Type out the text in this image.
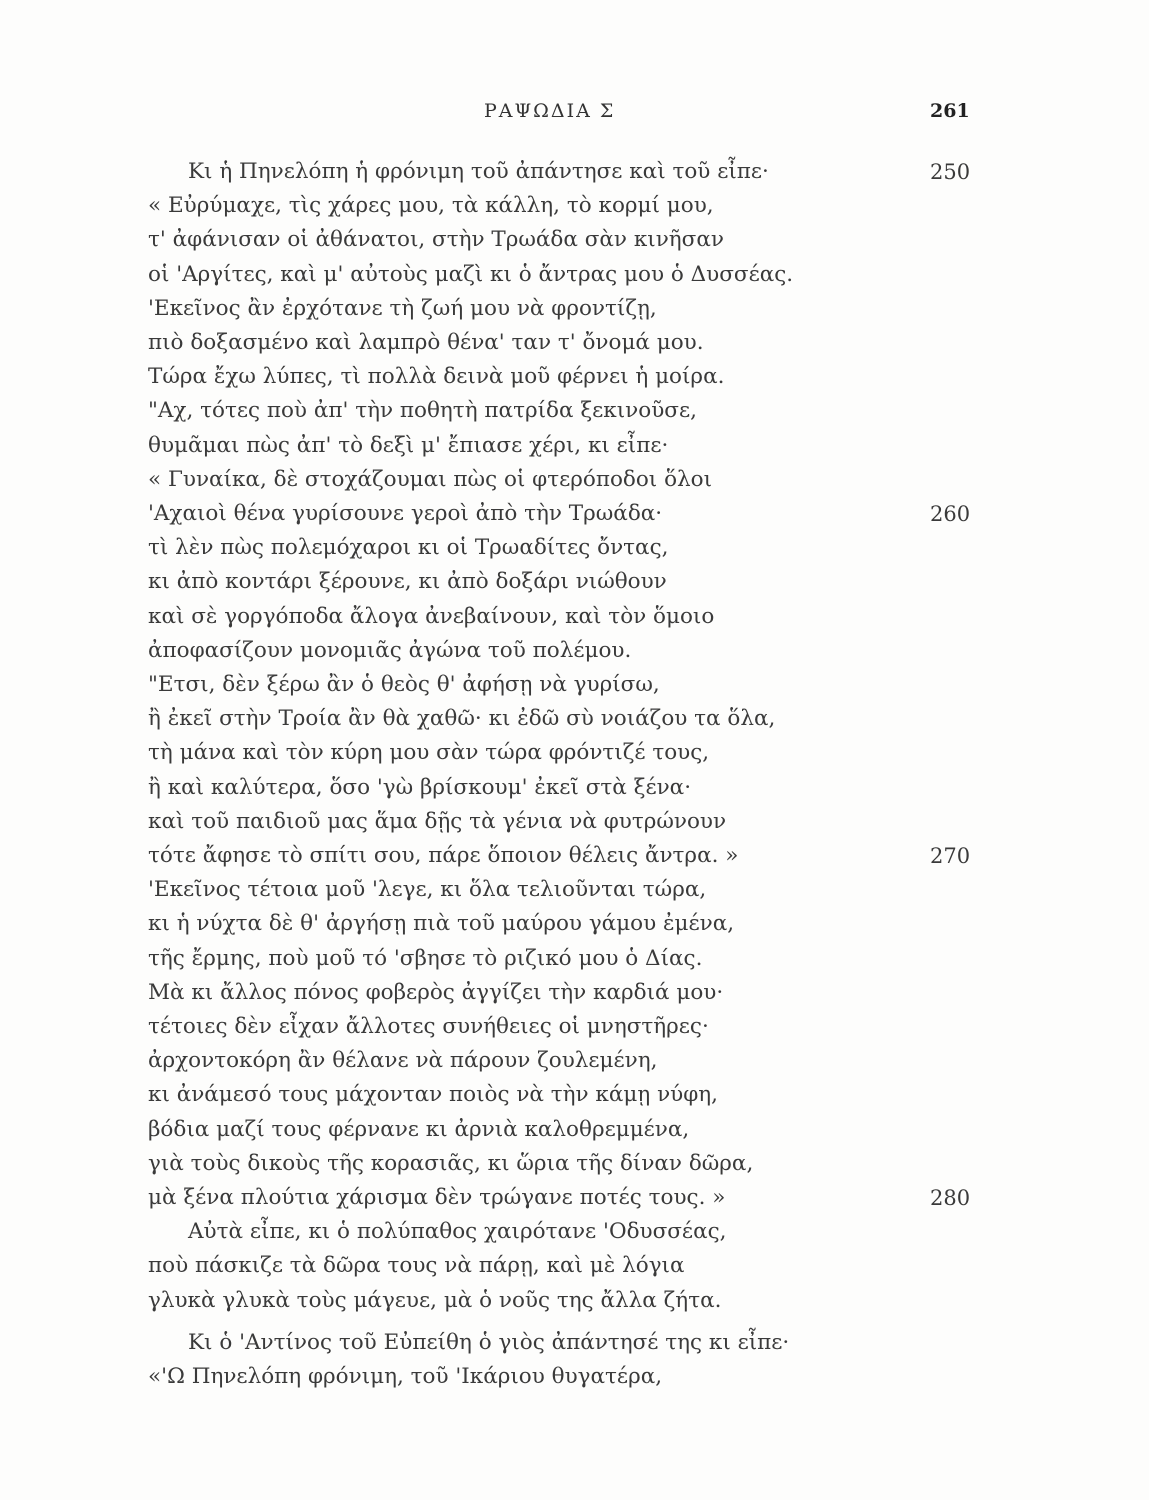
ΡΑΨΩΔΙΑ Σ	261
Κι ἡ Πηνελόπη ἡ φρόνιμη τοῦ ἀπάντησε καὶ τοῦ εἶπε·	250
« Εὐρύμαχε, τὶς χάρες μου, τὰ κάλλη, τὸ κορμί μου,
τ' ἀφάνισαν οἱ ἀθάνατοι, στὴν Τρωάδα σὰν κινῆσαν
οἱ 'Αργίτες, καὶ μ' αὐτοὺς μαζὶ κι ὁ ἄντρας μου ὁ Δυσσέας.
'Εκεῖνος ἂν ἐρχότανε τὴ ζωή μου νὰ φροντίζῃ,
πιὸ δοξασμένο καὶ λαμπρὸ θένα' ταν τ' ὄνομά μου.
Τώρα ἔχω λύπες, τὶ πολλὰ δεινὰ μοῦ φέρνει ἡ μοίρα.
"Αχ, τότες ποὺ ἀπ' τὴν ποθητὴ πατρίδα ξεκινοῦσε,
θυμᾶμαι πὼς ἀπ' τὸ δεξὶ μ' ἔπιασε χέρι, κι εἶπε·
« Γυναίκα, δὲ στοχάζουμαι πὼς οἱ φτερόποδοι ὅλοι
'Αχαιοὶ θένα γυρίσουνε γεροὶ ἀπὸ τὴν Τρωάδα·	260
τὶ λὲν πὼς πολεμόχαροι κι οἱ Τρωαδίτες ὄντας,
κι ἀπὸ κοντάρι ξέρουνε, κι ἀπὸ δοξάρι νιώθουν
καὶ σὲ γοργόποδα ἄλογα ἀνεβαίνουν, καὶ τὸν ὅμοιο
ἀποφασίζουν μονομιᾶς ἀγώνα τοῦ πολέμου.
"Ετσι, δὲν ξέρω ἂν ὁ θεὸς θ' ἀφήσῃ νὰ γυρίσω,
ἢ ἐκεῖ στὴν Τροία ἂν θὰ χαθῶ· κι ἐδῶ σὺ νοιάζου τα ὅλα,
τὴ μάνα καὶ τὸν κύρη μου σὰν τώρα φρόντιζέ τους,
ἢ καὶ καλύτερα, ὅσο 'γὼ βρίσκουμ' ἐκεῖ στὰ ξένα·
καὶ τοῦ παιδιοῦ μας ἅμα δῇς τὰ γένια νὰ φυτρώνουν
τότε ἄφησε τὸ σπίτι σου, πάρε ὅποιον θέλεις ἄντρα. »	270
'Εκεῖνος τέτοια μοῦ 'λεγε, κι ὅλα τελιοῦνται τώρα,
κι ἡ νύχτα δὲ θ' ἀργήσῃ πιὰ τοῦ μαύρου γάμου ἐμένα,
τῆς ἔρμης, ποὺ μοῦ τό 'σβησε τὸ ριζικό μου ὁ Δίας.
Μὰ κι ἄλλος πόνος φοβερὸς ἀγγίζει τὴν καρδιά μου·
τέτοιες δὲν εἶχαν ἄλλοτες συνήθειες οἱ μνηστῆρες·
ἀρχοντοκόρη ἂν θέλανε νὰ πάρουν ζουλεμένη,
κι ἀνάμεσό τους μάχονταν ποιὸς νὰ τὴν κάμῃ νύφη,
βόδια μαζί τους φέρνανε κι ἀρνιὰ καλοθρεμμένα,
γιὰ τοὺς δικοὺς τῆς κορασιᾶς, κι ὥρια τῆς δίναν δῶρα,
μὰ ξένα πλούτια χάρισμα δὲν τρώγανε ποτές τους. »	280
Αὐτὰ εἶπε, κι ὁ πολύπαθος χαιρότανε 'Οδυσσέας,
ποὺ πάσκιζε τὰ δῶρα τους νὰ πάρῃ, καὶ μὲ λόγια
γλυκὰ γλυκὰ τοὺς μάγευε, μὰ ὁ νοῦς της ἄλλα ζήτα.
Κι ὁ 'Αντίνος τοῦ Εὐπείθη ὁ γιὸς ἀπάντησέ της κι εἶπε·
«'Ω Πηνελόπη φρόνιμη, τοῦ 'Ικάριου θυγατέρα,
